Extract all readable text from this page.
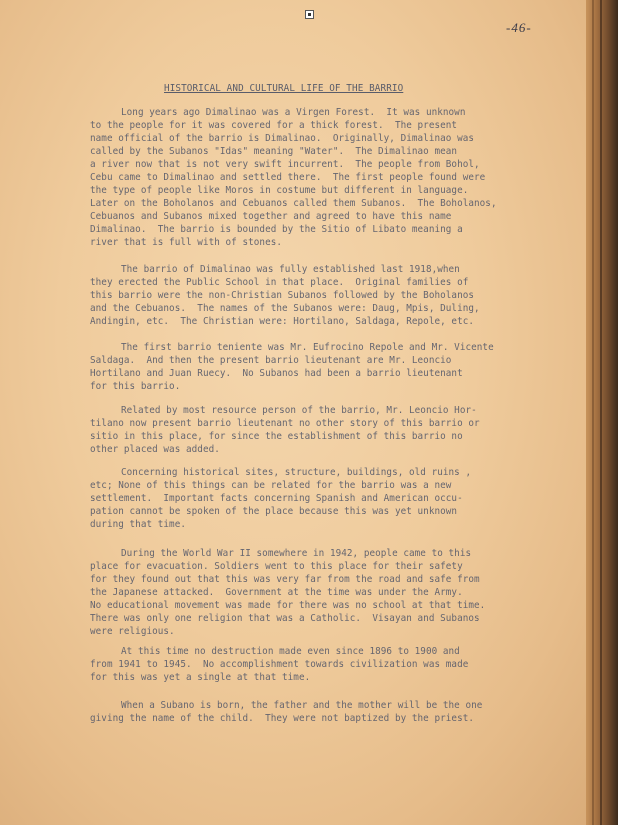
-46-
HISTORICAL AND CULTURAL LIFE OF THE BARRIO
Long years ago Dimalinao was a Virgen Forest.  It was unknown
to the people for it was covered for a thick forest.  The present
name official of the barrio is Dimalinao.  Originally, Dimalinao was
called by the Subanos "Idas" meaning "Water".  The Dimalinao mean
a river now that is not very swift incurrent.  The people from Bohol,
Cebu came to Dimalinao and settled there.  The first people found were
the type of people like Moros in costume but different in language.
Later on the Boholanos and Cebuanos called them Subanos.  The Boholanos,
Cebuanos and Subanos mixed together and agreed to have this name
Dimalinao.  The barrio is bounded by the Sitio of Libato meaning a
river that is full with of stones.
The barrio of Dimalinao was fully established last 1918,when
they erected the Public School in that place.  Original families of
this barrio were the non-Christian Subanos followed by the Boholanos
and the Cebuanos.  The names of the Subanos were: Daug, Mpis, Duling,
Andingin, etc.  The Christian were: Hortilano, Saldaga, Repole, etc.
The first barrio teniente was Mr. Eufrocino Repole and Mr. Vicente
Saldaga.  And then the present barrio lieutenant are Mr. Leoncio
Hortilano and Juan Ruecy.  No Subanos had been a barrio lieutenant
for this barrio.
Related by most resource person of the barrio, Mr. Leoncio Hor-
tilano now present barrio lieutenant no other story of this barrio or
sitio in this place, for since the establishment of this barrio no
other placed was added.
Concerning historical sites, structure, buildings, old ruins ,
etc; None of this things can be related for the barrio was a new
settlement.  Important facts concerning Spanish and American occu-
pation cannot be spoken of the place because this was yet unknown
during that time.
During the World War II somewhere in 1942, people came to this
place for evacuation. Soldiers went to this place for their safety
for they found out that this was very far from the road and safe from
the Japanese attacked.  Government at the time was under the Army.
No educational movement was made for there was no school at that time.
There was only one religion that was a Catholic.  Visayan and Subanos
were religious.
At this time no destruction made even since 1896 to 1900 and
from 1941 to 1945.  No accomplishment towards civilization was made
for this was yet a single at that time.
When a Subano is born, the father and the mother will be the one
giving the name of the child.  They were not baptized by the priest.
